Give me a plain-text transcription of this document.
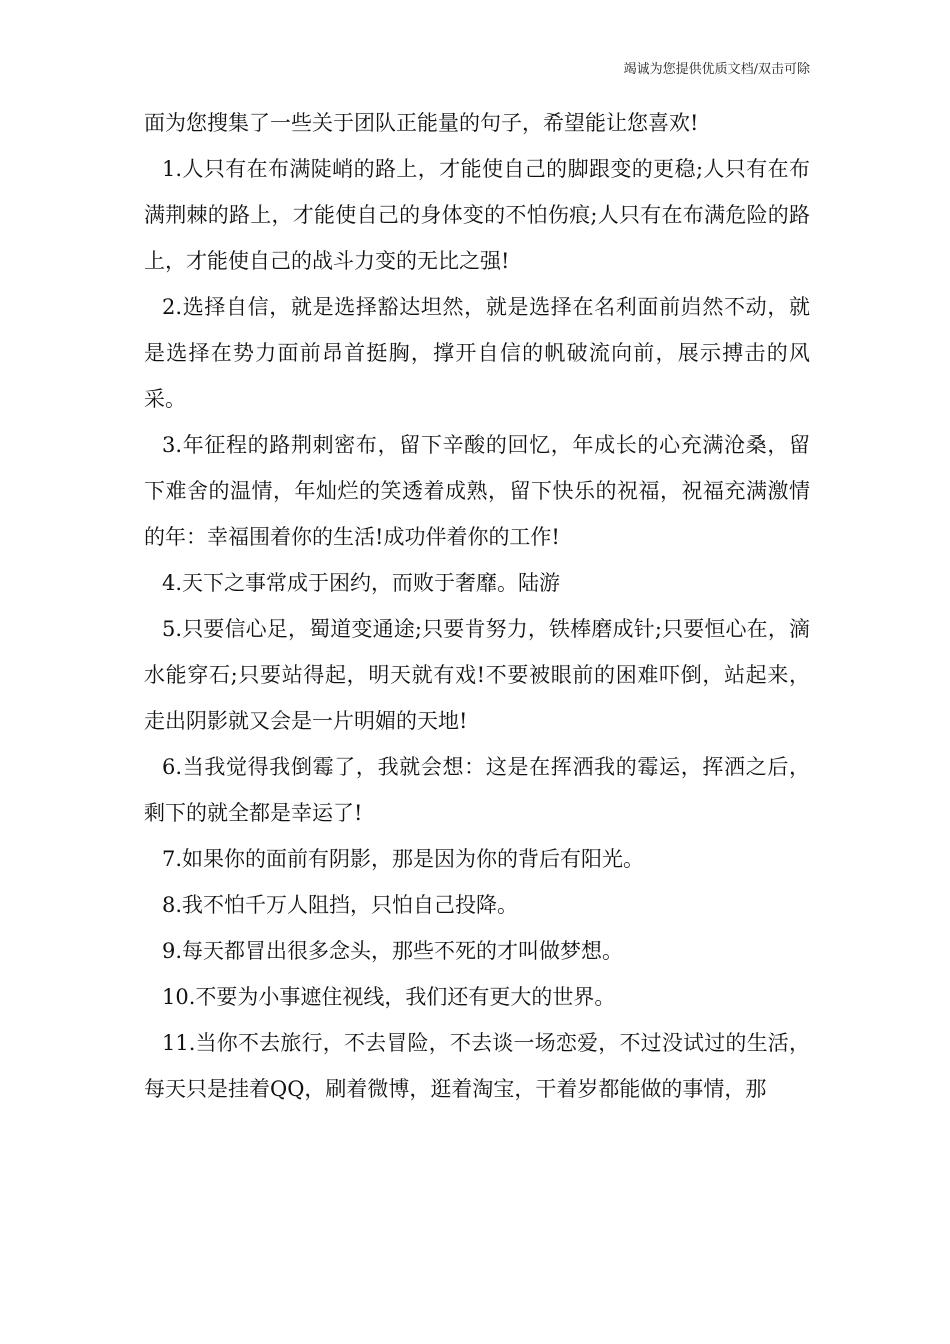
竭诚为您提供优质文档/双击可除

面为您搜集了一些关于团队正能量的句子，希望能让您喜欢!

1.人只有在布满陡峭的路上，才能使自己的脚跟变的更稳;人只有在布满荆棘的路上，才能使自己的身体变的不怕伤痕;人只有在布满危险的路上，才能使自己的战斗力变的无比之强!

2.选择自信，就是选择豁达坦然，就是选择在名利面前岿然不动，就是选择在势力面前昂首挺胸，撑开自信的帆破流向前，展示搏击的风采。

3.年征程的路荆刺密布，留下辛酸的回忆，年成长的心充满沧桑，留下难舍的温情，年灿烂的笑透着成熟，留下快乐的祝福，祝福充满激情的年：幸福围着你的生活!成功伴着你的工作!

4.天下之事常成于困约，而败于奢靡。陆游

5.只要信心足，蜀道变通途;只要肯努力，铁棒磨成针;只要恒心在，滴水能穿石;只要站得起，明天就有戏!不要被眼前的困难吓倒，站起来，走出阴影就又会是一片明媚的天地!

6.当我觉得我倒霉了，我就会想：这是在挥洒我的霉运，挥洒之后，剩下的就全都是幸运了!

7.如果你的面前有阴影，那是因为你的背后有阳光。

8.我不怕千万人阻挡，只怕自己投降。

9.每天都冒出很多念头，那些不死的才叫做梦想。

10.不要为小事遮住视线，我们还有更大的世界。

11.当你不去旅行，不去冒险，不去谈一场恋爱，不过没试过的生活，每天只是挂着QQ，刷着微博，逛着淘宝，干着岁都能做的事情，那
